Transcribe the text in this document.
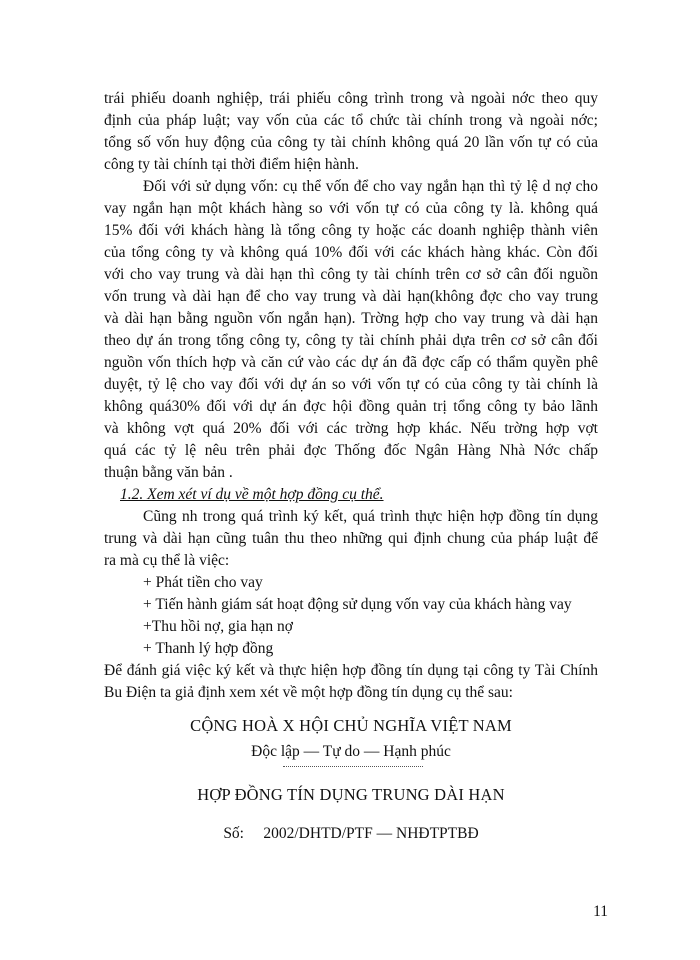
trái phiếu doanh nghiệp, trái phiếu công trình trong và ngoài nớc theo quy
định của pháp luật; vay vốn của các tổ chức tài chính trong và ngoài nớc;
tổng số vốn huy động của công ty tài chính không quá 20 lần vốn tự có của
công ty tài chính tại thời điểm hiện hành.
Đối với sử dụng vốn: cụ thể vốn để cho vay ngắn hạn thì tỷ lệ d nợ cho
vay ngắn hạn một khách hàng so với vốn tự có của công ty là. không quá
15% đối với khách hàng là tổng công ty hoặc các doanh nghiệp thành viên
của tổng công ty và không quá 10% đối với các khách hàng khác. Còn đối
với cho vay trung và dài hạn thì công ty tài chính trên cơ sở cân đối nguồn
vốn trung và dài hạn để cho vay trung và dài hạn(không đợc cho vay trung
và dài hạn bằng nguồn vốn ngắn hạn). Trờng hợp cho vay trung và dài hạn
theo dự án trong tổng công ty, công ty tài chính phải dựa trên cơ sở cân đối
nguồn vốn thích hợp và căn cứ vào các dự án đã đợc cấp có thẩm quyền phê
duyệt, tỷ lệ cho vay đối với dự án so với vốn tự có của công ty tài chính là
không quá30% đối với dự án đợc hội đồng quản trị tổng công ty bảo lãnh
và không vợt quá 20% đối với các trờng hợp khác. Nếu trờng hợp vợt
quá các tỷ lệ nêu trên phải đợc Thống đốc Ngân Hàng Nhà Nớc chấp
thuận bằng văn bản .
1.2. Xem xét ví dụ về một hợp đồng cụ thể.
Cũng nh trong quá trình ký kết, quá trình thực hiện hợp đồng tín dụng
trung và dài hạn cũng tuân thu theo những qui định chung của pháp luật để
ra mà cụ thể là việc:
+ Phát tiền cho vay
+ Tiến hành giám sát hoạt động sử dụng vốn vay của khách hàng vay
+Thu hồi nợ, gia hạn nợ
+ Thanh lý hợp đồng
Để đánh giá việc ký kết và thực hiện hợp đồng tín dụng tại công ty Tài Chính
Bu Điện ta giả định xem xét về một hợp đồng tín dụng cụ thể sau:
CỘNG HOÀ X HỘI CHỦ NGHĨA VIỆT NAM
Độc lập — Tự do — Hạnh phúc
HỢP ĐỒNG TÍN DỤNG TRUNG DÀI HẠN
Số: 2002/DHTD/PTF — NHĐTPTBĐ
11
